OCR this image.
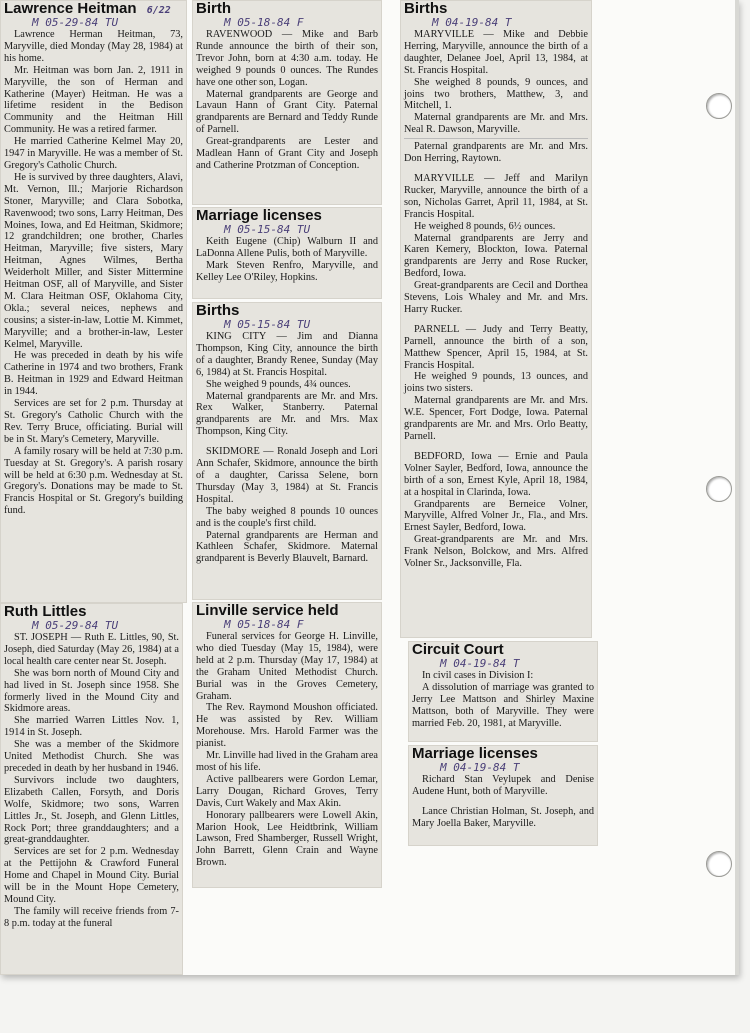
Lawrence Heitman 6/22
M 05-29-84 TU

Lawrence Herman Heitman, 73, Maryville, died Monday (May 28, 1984) at his home.

Mr. Heitman was born Jan. 2, 1911 in Maryville, the son of Herman and Katherine (Mayer) Heitman. He was a lifetime resident in the Bedison Community and the Heitman Hill Community. He was a retired farmer.

He married Catherine Kelmel May 20, 1947 in Maryville. He was a member of St. Gregory's Catholic Church.

He is survived by three daughters, Alavi, Mt. Vernon, Ill.; Marjorie Richardson Stoner, Maryville; and Clara Sobotka, Ravenwood; two sons, Larry Heitman, Des Moines, Iowa, and Ed Heitman, Skidmore; 12 grandchildren; one brother, Charles Heitman, Maryville; five sisters, Mary Heitman, Agnes Wilmes, Bertha Weiderholt Miller, and Sister Mittermine Heitman OSF, all of Maryville, and Sister M. Clara Heitman OSF, Oklahoma City, Okla.; several neices, nephews and cousins; a sister-in-law, Lottie M. Kimmet, Maryville; and a brother-in-law, Lester Kelmel, Maryville.

He was preceded in death by his wife Catherine in 1974 and two brothers, Frank B. Heitman in 1929 and Edward Heitman in 1944.

Services are set for 2 p.m. Thursday at St. Gregory's Catholic Church with the Rev. Terry Bruce, officiating. Burial will be in St. Mary's Cemetery, Maryville.

A family rosary will be held at 7:30 p.m. Tuesday at St. Gregory's. A parish rosary will be held at 6:30 p.m. Wednesday at St. Gregory's. Donations may be made to St. Francis Hospital or St. Gregory's building fund.

Ruth Littles
M 05-29-84 TU

ST. JOSEPH — Ruth E. Littles, 90, St. Joseph, died Saturday (May 26, 1984) at a local health care center near St. Joseph.

She was born north of Mound City and had lived in St. Joseph since 1958. She formerly lived in the Mound City and Skidmore areas.

She married Warren Littles Nov. 1, 1914 in St. Joseph.

She was a member of the Skidmore United Methodist Church. She was preceded in death by her husband in 1946.

Survivors include two daughters, Elizabeth Callen, Forsyth, and Doris Wolfe, Skidmore; two sons, Warren Littles Jr., St. Joseph, and Glenn Littles, Rock Port; three granddaughters; and a great-granddaughter.

Services are set for 2 p.m. Wednesday at the Pettijohn & Crawford Funeral Home and Chapel in Mound City. Burial will be in the Mount Hope Cemetery, Mound City.

The family will receive friends from 7-8 p.m. today at the funeral

Birth
M 05-18-84 F

RAVENWOOD — Mike and Barb Runde announce the birth of their son, Trevor John, born at 4:30 a.m. today. He weighed 9 pounds 0 ounces. The Rundes have one other son, Logan.

Maternal grandparents are George and Lavaun Hann of Grant City. Paternal grandparents are Bernard and Teddy Runde of Parnell.

Great-grandparents are Lester and Madlean Hann of Grant City and Joseph and Catherine Protzman of Conception.

Marriage licenses
M 05-15-84 TU

Keith Eugene (Chip) Walburn II and LaDonna Allene Pulis, both of Maryville.

Mark Steven Renfro, Maryville, and Kelley Lee O'Riley, Hopkins.

Births
M 05-15-84 TU

KING CITY — Jim and Dianna Thompson, King City, announce the birth of a daughter, Brandy Renee, Sunday (May 6, 1984) at St. Francis Hospital.

She weighed 9 pounds, 4¾ ounces.

Maternal grandparents are Mr. and Mrs. Rex Walker, Stanberry. Paternal grandparents are Mr. and Mrs. Max Thompson, King City.

SKIDMORE — Ronald Joseph and Lori Ann Schafer, Skidmore, announce the birth of a daughter, Carissa Selene, born Thursday (May 3, 1984) at St. Francis Hospital.

The baby weighed 8 pounds 10 ounces and is the couple's first child.

Paternal grandparents are Herman and Kathleen Schafer, Skidmore. Maternal grandparent is Beverly Blauvelt, Barnard.

Linville service held
M 05-18-84 F

Funeral services for George H. Linville, who died Tuesday (May 15, 1984), were held at 2 p.m. Thursday (May 17, 1984) at the Graham United Methodist Church. Burial was in the Groves Cemetery, Graham.

The Rev. Raymond Moushon officiated. He was assisted by Rev. William Morehouse. Mrs. Harold Farmer was the pianist.

Mr. Linville had lived in the Graham area most of his life.

Active pallbearers were Gordon Lemar, Larry Dougan, Richard Groves, Terry Davis, Curt Wakely and Max Akin.

Honorary pallbearers were Lowell Akin, Marion Hook, Lee Heidtbrink, William Lawson, Fred Shamberger, Russell Wright, John Barrett, Glenn Crain and Wayne Brown.

Births
M 04-19-84 T

MARYVILLE — Mike and Debbie Herring, Maryville, announce the birth of a daughter, Delanee Joel, April 13, 1984, at St. Francis Hospital.

She weighed 8 pounds, 9 ounces, and joins two brothers, Matthew, 3, and Mitchell, 1.

Maternal grandparents are Mr. and Mrs. Neal R. Dawson, Maryville.

Paternal grandparents are Mr. and Mrs. Don Herring, Raytown.

MARYVILLE — Jeff and Marilyn Rucker, Maryville, announce the birth of a son, Nicholas Garret, April 11, 1984, at St. Francis Hospital.

He weighed 8 pounds, 6½ ounces.

Maternal grandparents are Jerry and Karen Kemery, Blockton, Iowa. Paternal grandparents are Jerry and Rose Rucker, Bedford, Iowa.

Great-grandparents are Cecil and Dorthea Stevens, Lois Whaley and Mr. and Mrs. Harry Rucker.

PARNELL — Judy and Terry Beatty, Parnell, announce the birth of a son, Matthew Spencer, April 15, 1984, at St. Francis Hospital.

He weighed 9 pounds, 13 ounces, and joins two sisters.

Maternal grandparents are Mr. and Mrs. W.E. Spencer, Fort Dodge, Iowa. Paternal grandparents are Mr. and Mrs. Orlo Beatty, Parnell.

BEDFORD, Iowa — Ernie and Paula Volner Sayler, Bedford, Iowa, announce the birth of a son, Ernest Kyle, April 18, 1984, at a hospital in Clarinda, Iowa.

Grandparents are Berneice Volner, Maryville, Alfred Volner Jr., Fla., and Mrs. Ernest Sayler, Bedford, Iowa.

Great-grandparents are Mr. and Mrs. Frank Nelson, Bolckow, and Mrs. Alfred Volner Sr., Jacksonville, Fla.

Circuit Court
M 04-19-84 T

In civil cases in Division I:

A dissolution of marriage was granted to Jerry Lee Mattson and Shirley Maxine Mattson, both of Maryville. They were married Feb. 20, 1981, at Maryville.

Marriage licenses
M 04-19-84 T

Richard Stan Veylupek and Denise Audene Hunt, both of Maryville.

Lance Christian Holman, St. Joseph, and Mary Joella Baker, Maryville.
